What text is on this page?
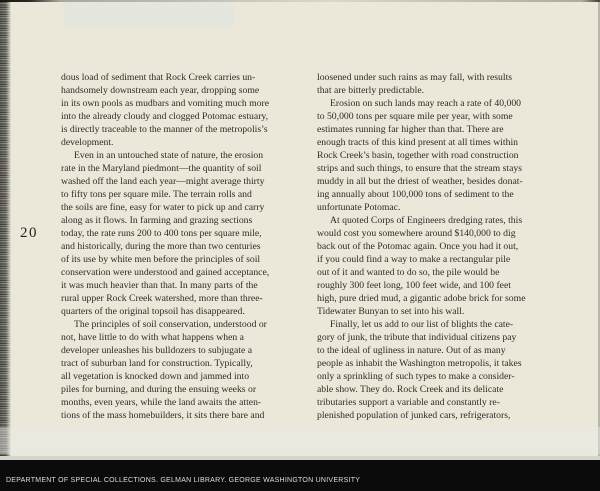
20
dous load of sediment that Rock Creek carries un-
handsomely downstream each year, dropping some
in its own pools as mudbars and vomiting much more
into the already cloudy and clogged Potomac estuary,
is directly traceable to the manner of the metropolis’s
development.
Even in an untouched state of nature, the erosion
rate in the Maryland piedmont—the quantity of soil
washed off the land each year—might average thirty
to fifty tons per square mile. The terrain rolls and
the soils are fine, easy for water to pick up and carry
along as it flows. In farming and grazing sections
today, the rate runs 200 to 400 tons per square mile,
and historically, during the more than two centuries
of its use by white men before the principles of soil
conservation were understood and gained acceptance,
it was much heavier than that. In many parts of the
rural upper Rock Creek watershed, more than three-
quarters of the original topsoil has disappeared.
The principles of soil conservation, understood or
not, have little to do with what happens when a
developer unleashes his bulldozers to subjugate a
tract of suburban land for construction. Typically,
all vegetation is knocked down and jammed into
piles for burning, and during the ensuing weeks or
months, even years, while the land awaits the atten-
tions of the mass homebuilders, it sits there bare and
loosened under such rains as may fall, with results
that are bitterly predictable.
Erosion on such lands may reach a rate of 40,000
to 50,000 tons per square mile per year, with some
estimates running far higher than that. There are
enough tracts of this kind present at all times within
Rock Creek’s basin, together with road construction
strips and such things, to ensure that the stream stays
muddy in all but the driest of weather, besides donat-
ing annually about 100,000 tons of sediment to the
unfortunate Potomac.
At quoted Corps of Engineers dredging rates, this
would cost you somewhere around $140,000 to dig
back out of the Potomac again. Once you had it out,
if you could find a way to make a rectangular pile
out of it and wanted to do so, the pile would be
roughly 300 feet long, 100 feet wide, and 100 feet
high, pure dried mud, a gigantic adobe brick for some
Tidewater Bunyan to set into his wall.
Finally, let us add to our list of blights the cate-
gory of junk, the tribute that individual citizens pay
to the ideal of ugliness in nature. Out of as many
people as inhabit the Washington metropolis, it takes
only a sprinkling of such types to make a consider-
able show. They do. Rock Creek and its delicate
tributaries support a variable and constantly re-
plenished population of junked cars, refrigerators,
DEPARTMENT OF SPECIAL COLLECTIONS. GELMAN LIBRARY. GEORGE WASHINGTON UNIVERSITY
